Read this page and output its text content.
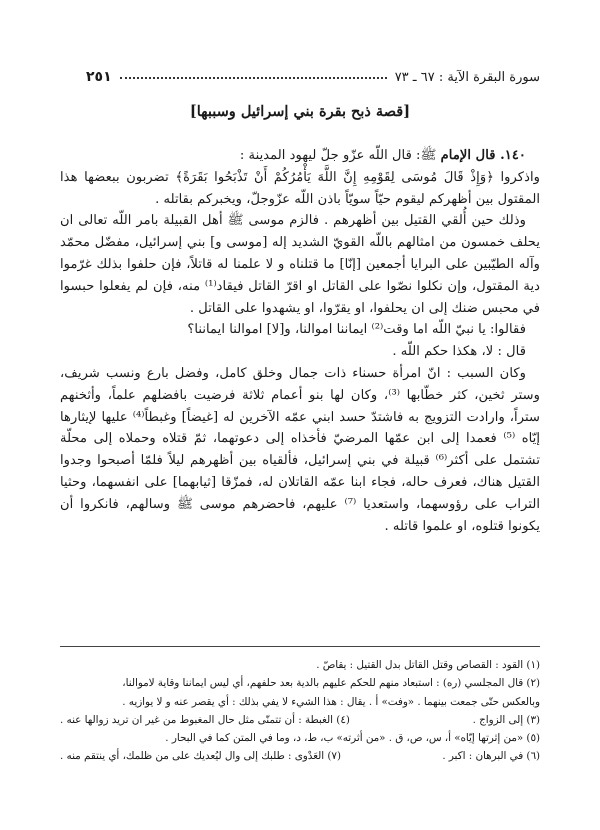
سورة البقرة الآية : ٦٧ ـ ٧٣
٢٥١
[قصة ذبح بقرة بني إسرائيل وسببها]

١٤٠. قال الإمام ﷺ: قال اللّه عزّو جلّ ليهود المدينة :

واذكروا ﴿وَإِذْ قَالَ مُوسَى لِقَوْمِهِ إِنَّ اللَّهَ يَأْمُرُكُمْ أَنْ تَذْبَحُوا بَقَرَةً﴾ تضربون ببعضها هذا المقتول بين أظهركم ليقوم حيّاً سويّاً باذن اللّه عزّوجلّ، ويخبركم بقاتله .

وذلك حين أُلقي القتيل بين أظهرهم . فالزم موسى ﷺ أهل القبيلة بامر اللّه تعالى ان يحلف خمسون من امثالهم باللّه القويّ الشديد إله [موسى و] بني إسرائيل، مفضّل محمّد وآله الطيّبين على البرايا أجمعين [إنّا] ما قتلناه و لا علمنا له قاتلاً، فإن حلفوا بذلك غرّموا دية المقتول، وإن نكلوا نصّوا على القاتل او اقرّ القاتل فيقاد⁽¹⁾ منه، فإن لم يفعلوا حبسوا في محبس ضنك إلى ان يحلفوا، او يقرّوا، او يشهدوا على القاتل .

فقالوا: يا نبيّ اللّه اما وقت⁽²⁾ ايماننا اموالنا، و[لا] اموالنا ايماننا؟

قال : لا، هكذا حكم اللّه .

وكان السبب : انّ امرأة حسناء ذات جمال وخلق كامل، وفضل بارع ونسب شريف، وستر ثخين، كثر خطّابها ⁽³⁾، وكان لها بنو أعمام ثلاثة فرضيت بافضلهم علماً، وأثخنهم ستراً، وارادت التزويج به فاشتدّ حسد ابني عمّه الآخرين له [غيضاً] وغبطاً⁽⁴⁾ عليها لإيثارها إيّاه ⁽⁵⁾ فعمدا إلى ابن عمّها المرضيّ فأخذاه إلى دعوتهما، ثمّ قتلاه وحملاه إلى محلّة تشتمل على أكثر⁽⁶⁾ قبيلة في بني إسرائيل، فألقياه بين أظهرهم ليلاً فلمّا أصبحوا وجدوا القتيل هناك، فعرف حاله، فجاء ابنا عمّه القاتلان له، فمزّقا [ثيابهما] على انفسهما، وحثيا التراب على رؤوسهما، واستعديا ⁽⁷⁾ عليهم، فاحضرهم موسى ﷺ وسالهم، فانكروا أن يكونوا قتلوه، او علموا قاتله .

(١) القود : القصاص وقتل القاتل بدل القتيل : يقاصّ .
(٢) قال المجلسي (ره) : استبعاد منهم للحكم عليهم بالدية بعد حلفهم، أي ليس ايماننا وقاية لاموالنا،
وبالعكس حتّى جمعت بينهما . «وفت» أ . يقال : هذا الشيء لا يفي بذلك : أي يقصر عنه و لا يوازيه .
(٣) إلى الزواج .
(٤) الغبطة : أن تتمنّى مثل حال المغبوط من غير ان تريد زوالها عنه .
(٥) «من إثرتها إيّاه» أ، س، ص، ق . «من أثرته» ب، ط، د، وما في المتن كما في البحار .
(٦) في البرهان : اكبر .
(٧) العَدْوى : طلبك إلى وال ليُعديك على من ظلمك، أي ينتقم منه .
